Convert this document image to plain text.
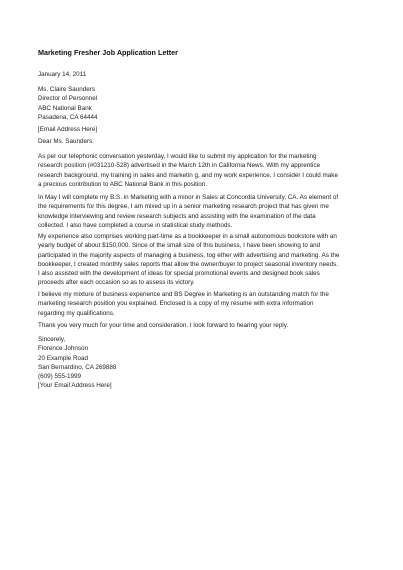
Marketing Fresher Job Application Letter
January 14, 2011
Ms. Claire Saunders
Director of Personnel
ABC National Bank
Pasadena, CA 64444
[Email Address Here]
Dear Ms. Saunders:
As per our telephonic conversation yesterday, I would like to submit my application for the marketing
research position (#031210-528) advertised in the March 12th in California News. With my apprentice
research background, my training in sales and marketin g, and my work experience, I consider I could make
a precious contribution to ABC National Bank in this position.
In May I will complete my B.S. in Marketing with a minor in Sales at Concordia University, CA. As element of
the requirements for this degree, I am mixed up in a senior marketing research project that has given me
knowledge interviewing and review research subjects and assisting with the examination of the data
collected. I also have completed a course in statistical study methods.
My experience also comprises working part-time as a bookkeeper in a small autonomous bookstore with an
yearly budget of about $150,000. Since of the small size of this business, I have been showing to and
participated in the majority aspects of managing a business, tog ether with advertising and marketing. As the
bookkeeper, I created monthly sales reports that allow the owner/buyer to project seasonal inventory needs.
I also assisted with the development of ideas for special promotional events and designed book sales
proceeds after each occasion so as to assess its victory.
I believe my mixture of business experience and BS Degree in Marketing is an outstanding match for the
marketing research position you explained. Enclosed is a copy of my resume with extra information
regarding my qualifications.
Thank you very much for your time and consideration. I look forward to hearing your reply.
Sincerely,
Florence Johnson
20 Example Road
San Bernardino, CA 269888
(609) 555-1999
[Your Email Address Here]
